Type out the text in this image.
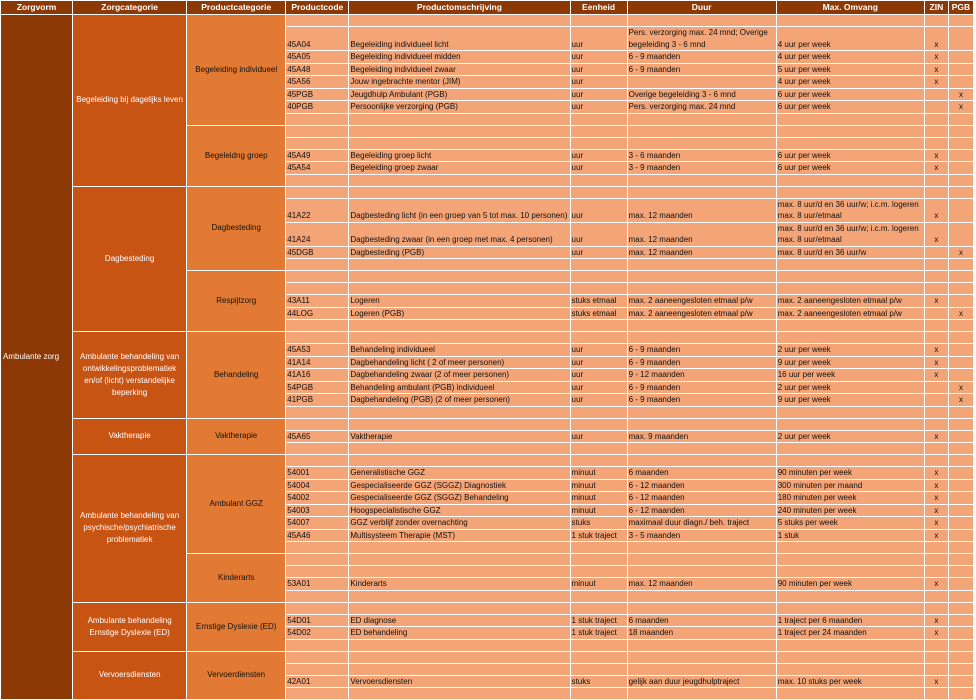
Zorgvorm	Zorgcategorie	Productcategorie	Productcode	Productomschrijving	Eenheid	Duur	Max. Omvang	ZIN	PGB
Ambulante zorg	Begeleiding bij dagelijks leven	Begeleiding individueel							
			45A04	Begeleiding individueel licht	uur	Pers. verzorging max. 24 mnd; Overige begeleiding 3 - 6 mnd	4 uur per week	x	
			45A05	Begeleiding individueel midden	uur	6 - 9 maanden	4 uur per week	x	
			45A48	Begeleiding individueel zwaar	uur	6 - 9 maanden	5 uur per week	x	
			45A56	Jouw ingebrachte mentor (JIM)	uur		4 uur per week	x	
			45PGB	Jeugdhulp Ambulant (PGB)	uur	Overige begeleiding 3 - 6 mnd	6 uur per week		x
			40PGB	Persoonlijke verzorging (PGB)	uur	Pers. verzorging max. 24 mnd	6 uur per week		x

		Begeleidng groep							

			45A49	Begeleiding groep licht	uur	3 - 6 maanden	6 uur per week	x	
			45A54	Begeleiding groep zwaar	uur	3 - 9 maanden	6 uur per week	x	

	Dagbesteding	Dagbesteding							
			41A22	Dagbesteding licht (in een groep van 5 tot max. 10 personen)	uur	max. 12 maanden	max. 8 uur/d en 36 uur/w; i.c.m. logeren max. 8 uur/etmaal	x	
			41A24	Dagbesteding zwaar (in een groep met max. 4 personen)	uur	max. 12 maanden	max. 8 uur/d en 36 uur/w; i.c.m. logeren max. 8 uur/etmaal	x	
			45DGB	Dagbesteding (PGB)	uur	max. 12 maanden	max. 8 uur/d en 36 uur/w		x

		Respijtzorg							

			43A11	Logeren	stuks etmaal	max. 2 aaneengesloten etmaal p/w	max. 2 aaneengesloten etmaal p/w	x	
			44LOG	Logeren (PGB)	stuks etmaal	max. 2 aaneengesloten etmaal p/w	max. 2 aaneengesloten etmaal p/w		x

	Ambulante behandeling van ontwikkelingsproblematiek en/of (licht) verstandelijke beperking	Behandeling							
			45A53	Behandeling individueel	uur	6 - 9 maanden	2 uur per week	x	
			41A14	Dagbehandeling licht ( 2 of meer personen)	uur	6 - 9 maanden	9 uur per week	x	
			41A16	Dagbehandeling zwaar (2 of meer personen)	uur	9 - 12 maanden	16 uur per week	x	
			54PGB	Behandeling ambulant (PGB) individueel	uur	6 - 9 maanden	2 uur per week		x
			41PGB	Dagbehandeling (PGB) (2 of meer personen)	uur	6 - 9 maanden	9 uur per week		x

	Vaktherapie	Vaktherapie							
			45A65	Vaktherapie	uur	max. 9 maanden	2 uur per week	x	

	Ambulante behandeling van psychische/psychiatrische problematiek	Ambulant GGZ							
			54001	Generalistische GGZ	minuut	6 maanden	90 minuten per week	x	
			54004	Gespecialiseerde GGZ (SGGZ) Diagnostiek	minuut	6 - 12 maanden	300 minuten per maand	x	
			54002	Gespecialiseerde GGZ (SGGZ) Behandeling	minuut	6 - 12 maanden	180 minuten per week	x	
			54003	Hoogspecialistische GGZ	minuut	6 - 12 maanden	240 minuten per week	x	
			54007	GGZ verblijf zonder overnachting	stuks	maximaal duur diagn./ beh. traject	5 stuks per week	x	
			45A46	Multisysteem Therapie (MST)	1 stuk traject	3 - 5 maanden	1 stuk	x	

		Kinderarts							

			53A01	Kinderarts	minuut	max. 12 maanden	90 minuten per week	x	

	Ambulante behandeling Ernstige Dyslexie (ED)	Ernstige Dyslexie (ED)							
			54D01	ED diagnose	1 stuk traject	6 maanden	1 traject per 6 maanden	x	
			54D02	ED behandeling	1 stuk traject	18 maanden	1 traject per 24 maanden	x	

	Vervoersdiensten	Vervoerdiensten							

			42A01	Vervoersdiensten	stuks	gelijk aan duur jeugdhulptraject	max. 10 stuks per week	x	
